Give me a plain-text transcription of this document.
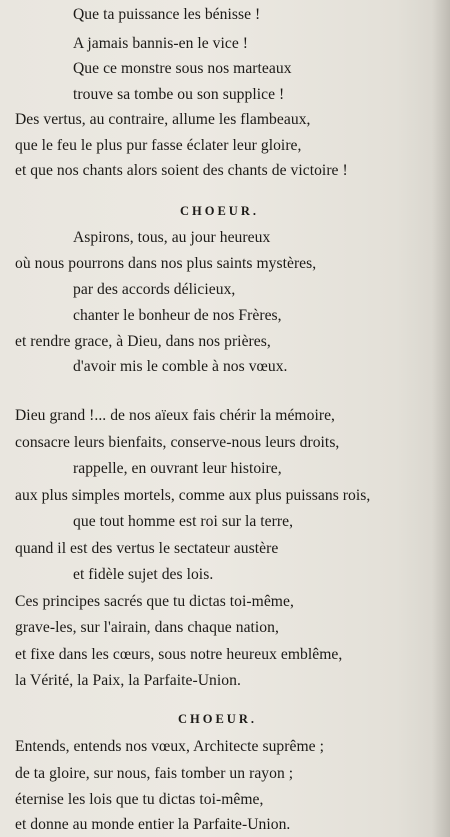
Que ta puissance les bénisse !
A jamais bannis-en le vice !
Que ce monstre sous nos marteaux
trouve sa tombe ou son supplice !
Des vertus, au contraire, allume les flambeaux,
que le feu le plus pur fasse éclater leur gloire,
et que nos chants alors soient des chants de victoire !
CHOEUR.
Aspirons, tous, au jour heureux
où nous pourrons dans nos plus saints mystères,
par des accords délicieux,
chanter le bonheur de nos Frères,
et rendre grace, à Dieu, dans nos prières,
d'avoir mis le comble à nos vœux.
Dieu grand !... de nos aïeux fais chérir la mémoire,
consacre leurs bienfaits, conserve-nous leurs droits,
rappelle, en ouvrant leur histoire,
aux plus simples mortels, comme aux plus puissans rois,
que tout homme est roi sur la terre,
quand il est des vertus le sectateur austère
et fidèle sujet des lois.
Ces principes sacrés que tu dictas toi-même,
grave-les, sur l'airain, dans chaque nation,
et fixe dans les cœurs, sous notre heureux emblême,
la Vérité, la Paix, la Parfaite-Union.
CHOEUR.
Entends, entends nos vœux, Architecte suprême ;
de ta gloire, sur nous, fais tomber un rayon ;
éternise les lois que tu dictas toi-même,
et donne au monde entier la Parfaite-Union.
